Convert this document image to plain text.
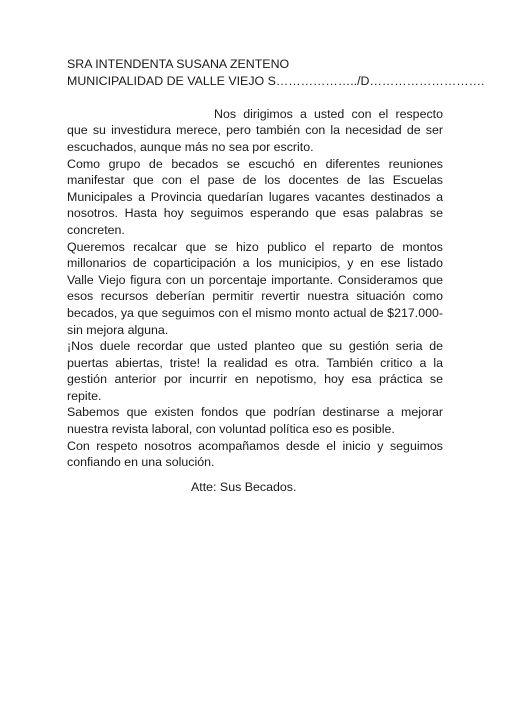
SRA INTENDENTA SUSANA ZENTENO

MUNICIPALIDAD DE VALLE VIEJO S………………../D……………………….

Nos dirigimos a usted con el respecto que su investidura merece, pero también con la necesidad de ser escuchados, aunque más no sea por escrito.

Como grupo de becados se escuchó en diferentes reuniones manifestar que con el pase de los docentes de las Escuelas Municipales a Provincia quedarían lugares vacantes destinados a nosotros. Hasta hoy seguimos esperando que esas palabras se concreten.

Queremos recalcar que se hizo publico el reparto de montos millonarios de coparticipación a los municipios, y en ese listado Valle Viejo figura con un porcentaje importante. Consideramos que esos recursos deberían permitir revertir nuestra situación como becados, ya que seguimos con el mismo monto actual de $217.000- sin mejora alguna.

¡Nos duele recordar que usted planteo que su gestión seria de puertas abiertas, triste! la realidad es otra. También critico a la gestión anterior por incurrir en nepotismo, hoy esa práctica se repite.

Sabemos que existen fondos que podrían destinarse a mejorar nuestra revista laboral, con voluntad política eso es posible.

Con respeto nosotros acompañamos desde el inicio y seguimos confiando en una solución.

Atte: Sus Becados.
